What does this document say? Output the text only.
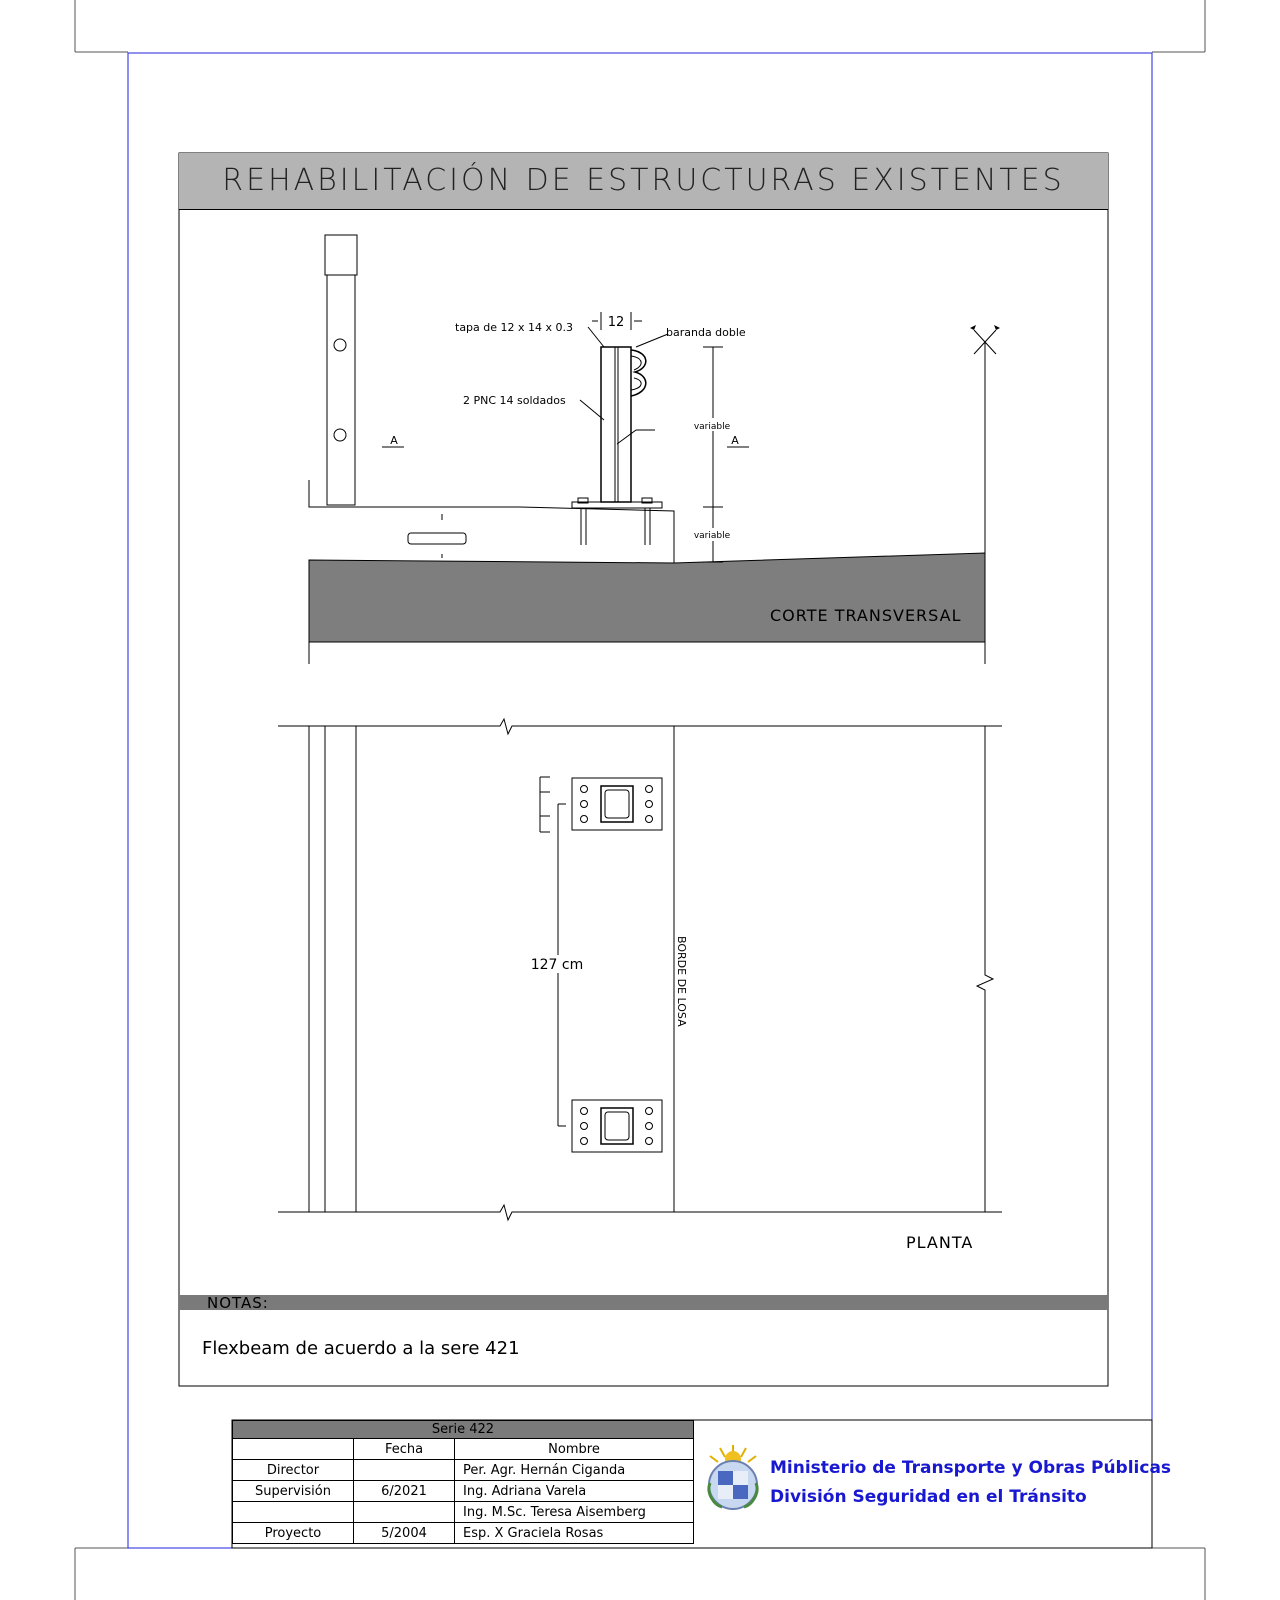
REHABILITACIÓN DE ESTRUCTURAS EXISTENTES
A
12
tapa de 12 x 14 x 0.3	baranda doble
2 PNC 14 soldados
variable
variable
A
CORTE TRANSVERSAL
BORDE DE LOSA
127 cm
PLANTA
NOTAS:
Flexbeam de acuerdo a la sere 421
Serie 422		
	Fecha	Nombre
Director		Per. Agr. Hernán Ciganda
Supervisión	6/2021	Ing. Adriana Varela
		Ing. M.Sc. Teresa Aisemberg
Proyecto	5/2004	Esp. X Graciela Rosas
Ministerio de Transporte y Obras Públicas
División Seguridad en el Tránsito
